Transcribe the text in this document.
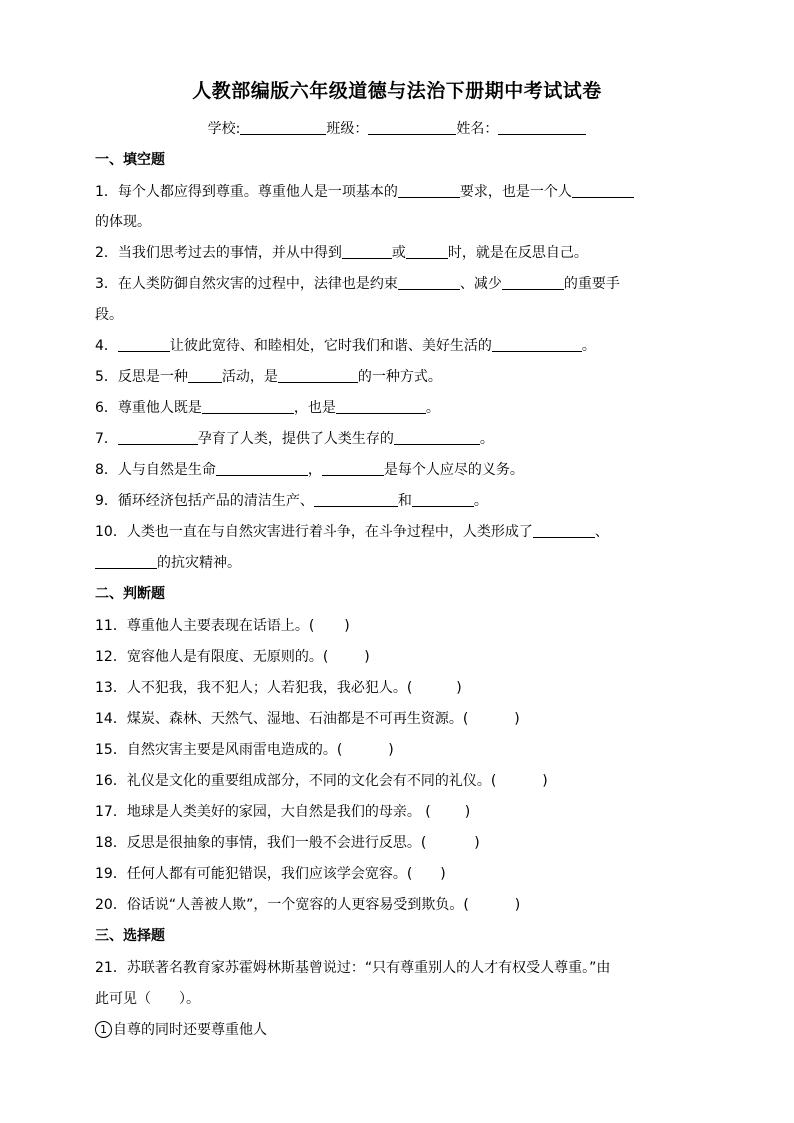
人教部编版六年级道德与法治下册期中考试试卷
学校:	班级：	姓名：
一、填空题
1．每个人都应得到尊重。尊重他人是一项基本的	要求，也是一个人
的体现。
2．当我们思考过去的事情，并从中得到	或	时，就是在反思自己。
3．在人类防御自然灾害的过程中，法律也是约束	、减少	的重要手
段。
4．	让彼此宽待、和睦相处，它时我们和谐、美好生活的	。
5．反思是一种 活动，是	的一种方式。
6．尊重他人既是	，也是	。
7．	孕育了人类，提供了人类生存的	。
8．人与自然是生命	，	是每个人应尽的义务。
9．循环经济包括产品的清洁生产、	和	。
10．人类也一直在与自然灾害进行着斗争，在斗争过程中，人类形成了	、
的抗灾精神。
二、判断题
11．尊重他人主要表现在话语上。( )
12．宽容他人是有限度、无原则的。(	)
13．人不犯我，我不犯人；人若犯我，我必犯人。(	)
14．煤炭、森林、天然气、湿地、石油都是不可再生资源。(	)
15．自然灾害主要是风雨雷电造成的。(	)
16．礼仪是文化的重要组成部分，不同的文化会有不同的礼仪。(	)
17．地球是人类美好的家园，大自然是我们的母亲。 ( )
18．反思是很抽象的事情，我们一般不会进行反思。(	)
19．任何人都有可能犯错误，我们应该学会宽容。( )
20．俗话说“人善被人欺”，一个宽容的人更容易受到欺负。(	)
三、选择题
21．苏联著名教育家苏霍姆林斯基曾说过：“只有尊重别人的人才有权受人尊重。”由
此可见（　　）。
1 自尊的同时还要尊重他人
